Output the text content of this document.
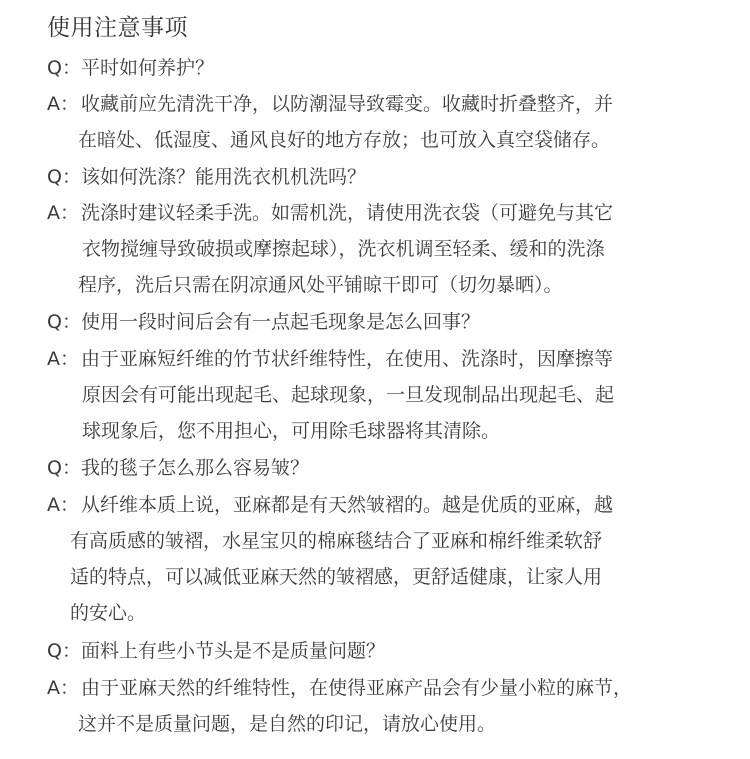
使用注意事项
Q：平时如何养护？
A： 收藏前应先清洗干净，以防潮湿导致霉变。收藏时折叠整齐，并
在暗处、低湿度、通风良好的地方存放；也可放入真空袋储存。
Q：该如何洗涤？能用洗衣机机洗吗？
A： 洗涤时建议轻柔手洗。如需机洗，请使用洗衣袋（可避免与其它
衣物搅缠导致破损或摩擦起球），洗衣机调至轻柔、缓和的洗涤
程序，洗后只需在阴凉通风处平铺晾干即可（切勿暴晒）。
Q：使用一段时间后会有一点起毛现象是怎么回事？
A： 由于亚麻短纤维的竹节状纤维特性，在使用、洗涤时，因摩擦等
原因会有可能出现起毛、起球现象，一旦发现制品出现起毛、起
球现象后，您不用担心，可用除毛球器将其清除。
Q：我的毯子怎么那么容易皱？
A： 从纤维本质上说，亚麻都是有天然皱褶的。越是优质的亚麻，越
有高质感的皱褶，水星宝贝的棉麻毯结合了亚麻和棉纤维柔软舒
适的特点，可以减低亚麻天然的皱褶感，更舒适健康，让家人用
的安心。
Q：面料上有些小节头是不是质量问题？
A： 由于亚麻天然的纤维特性，在使得亚麻产品会有少量小粒的麻节，
这并不是质量问题，是自然的印记，请放心使用。
